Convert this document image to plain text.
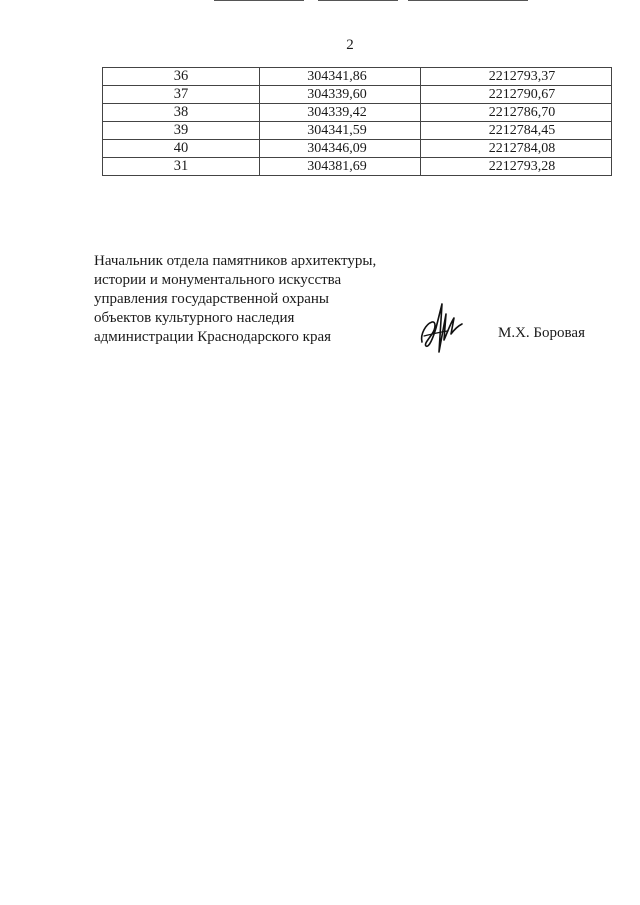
2
36	304341,86	2212793,37
37	304339,60	2212790,67
38	304339,42	2212786,70
39	304341,59	2212784,45
40	304346,09	2212784,08
31	304381,69	2212793,28
Начальник отдела памятников архитектуры,
истории и монументального искусства
управления государственной охраны
объектов культурного наследия
администрации Краснодарского края	М.Х. Боровая
